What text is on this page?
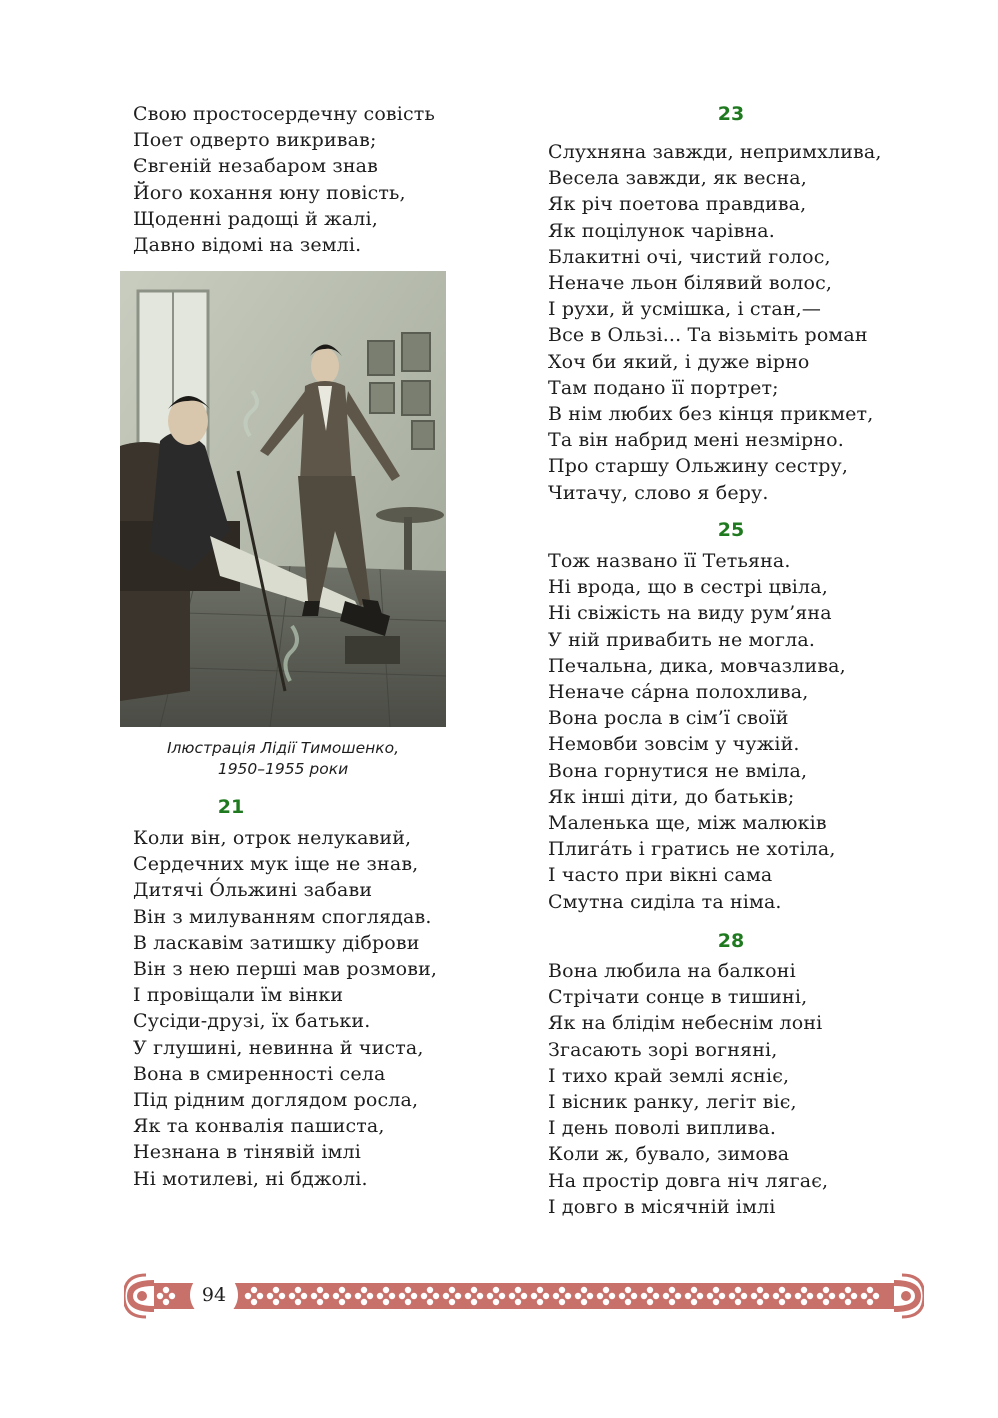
Свою простосердечну совість
Поет одверто викривав;
Євгеній незабаром знав
Його кохання юну повість,
Щоденні радощі й жалі,
Давно відомі на землі.
Ілюстрація Лідії Тимошенко,
1950–1955 роки
21
Коли він, отрок нелукавий,
Сердечних мук іще не знав,
Дитячі О́льжині забави
Він з милуванням споглядав.
В ласкавім затишку діброви
Він з нею перші мав розмови,
І провіщали їм вінки
Сусіди-друзі, їх батьки.
У глушині, невинна й чиста,
Вона в смиренності села
Під рідним доглядом росла,
Як та конвалія пашиста,
Незнана в тінявій імлі
Ні мотилеві, ні бджолі.
23
Слухняна завжди, непримхлива,
Весела завжди, як весна,
Як річ поетова правдива,
Як поцілунок чарівна.
Блакитні очі, чистий голос,
Неначе льон білявий волос,
І рухи, й усмішка, і стан,—
Все в Ользі... Та візьміть роман
Хоч би який, і дуже вірно
Там подано її портрет;
В нім любих без кінця прикмет,
Та він набрид мені незмірно.
Про старшу Ольжину сестру,
Читачу, слово я беру.
25
Тож названо її Тетьяна.
Ні врода, що в сестрі цвіла,
Ні свіжість на виду рум’яна
У ній привабить не могла.
Печальна, дика, мовчазлива,
Неначе са́рна полохлива,
Вона росла в сім’ї своїй
Немовби зовсім у чужій.
Вона горнутися не вміла,
Як інші діти, до батьків;
Маленька ще, між малюків
Плига́ть і гратись не хотіла,
І часто при вікні сама
Смутна сиділа та німа.
28
Вона любила на балконі
Стрічати сонце в тишині,
Як на блідім небеснім лоні
Згасають зорі вогняні,
І тихо край землі ясніє,
І вісник ранку, легіт віє,
І день поволі виплива.
Коли ж, бувало, зимова
На простір довга ніч лягає,
І довго в місячній імлі
94
